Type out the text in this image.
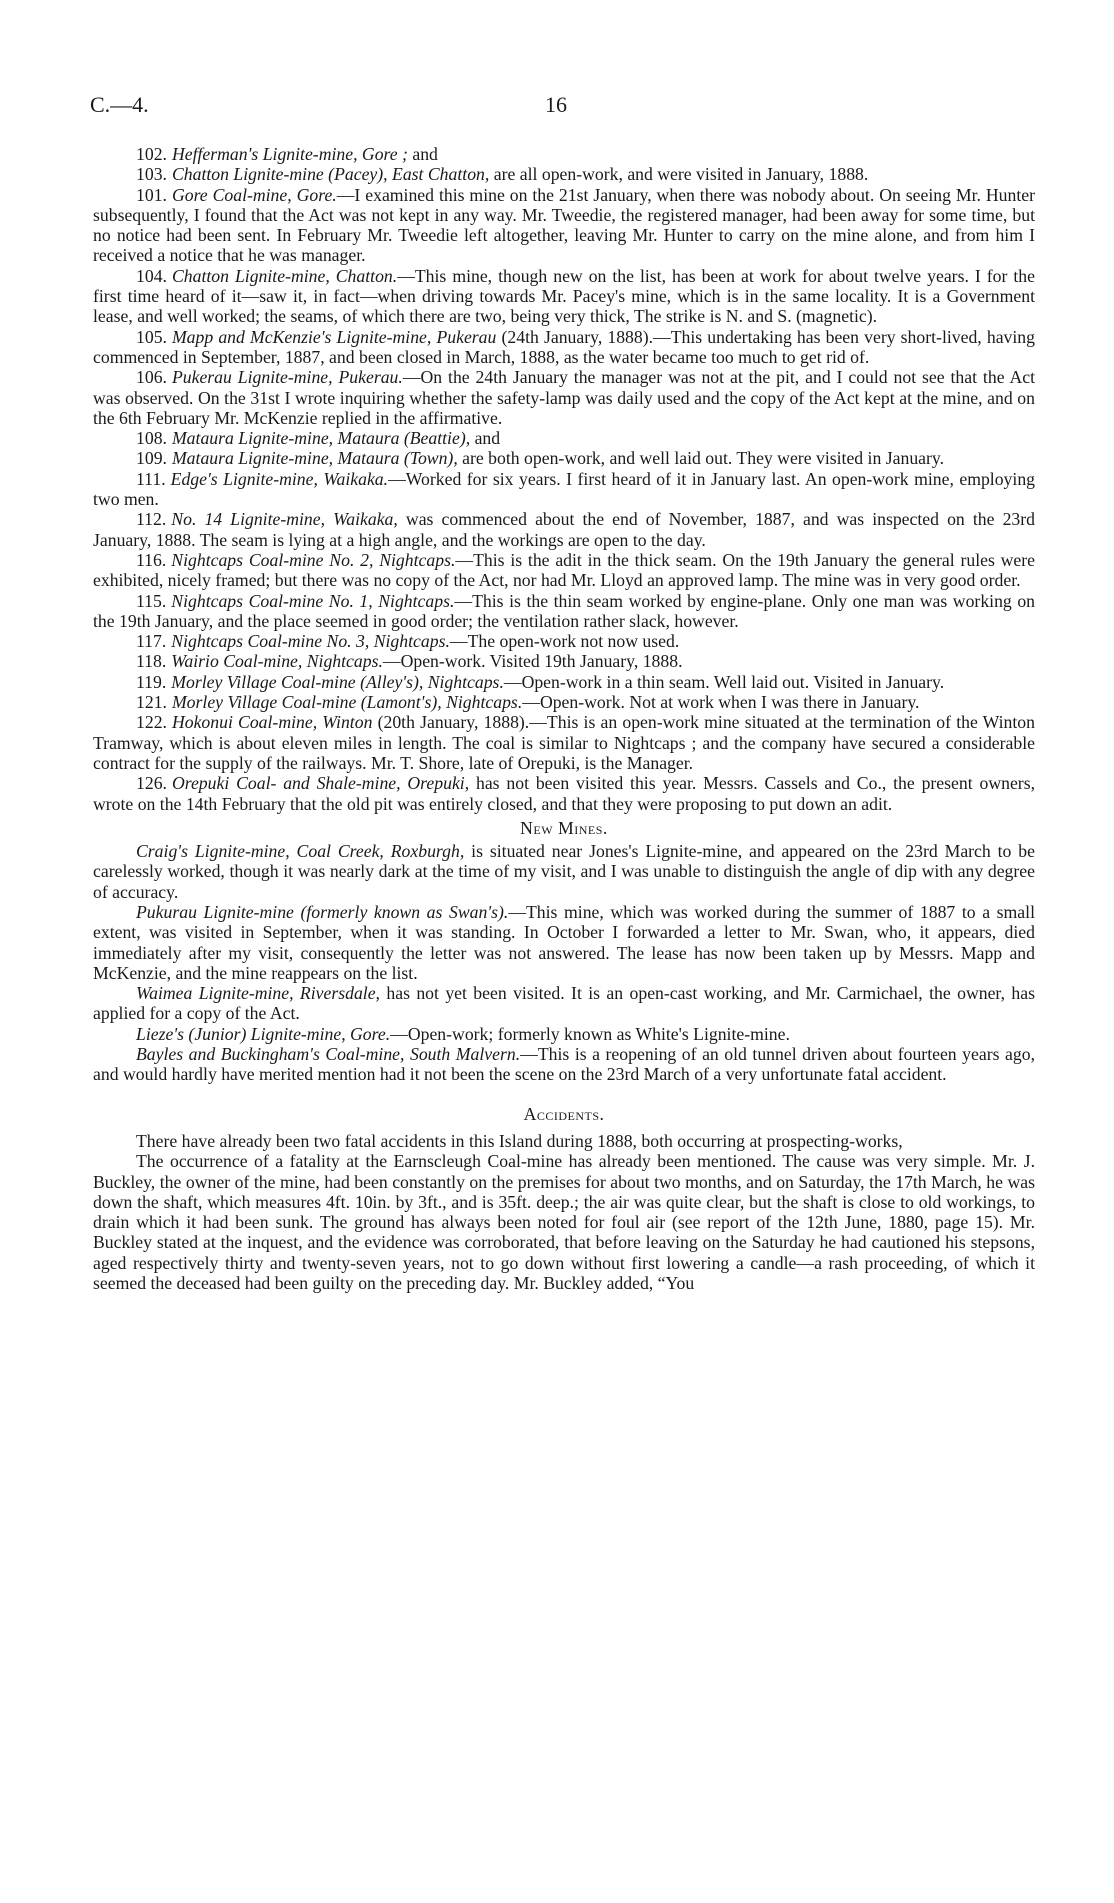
C.—4.	16

102. Hefferman's Lignite-mine, Gore ; and

103. Chatton Lignite-mine (Pacey), East Chatton, are all open-work, and were visited in January, 1888.

101. Gore Coal-mine, Gore.—I examined this mine on the 21st January, when there was nobody about. On seeing Mr. Hunter subsequently, I found that the Act was not kept in any way. Mr. Tweedie, the registered manager, had been away for some time, but no notice had been sent. In February Mr. Tweedie left altogether, leaving Mr. Hunter to carry on the mine alone, and from him I received a notice that he was manager.

104. Chatton Lignite-mine, Chatton.—This mine, though new on the list, has been at work for about twelve years. I for the first time heard of it—saw it, in fact—when driving towards Mr. Pacey's mine, which is in the same locality. It is a Government lease, and well worked; the seams, of which there are two, being very thick, The strike is N. and S. (magnetic).

105. Mapp and McKenzie's Lignite-mine, Pukerau (24th January, 1888).—This undertaking has been very short-lived, having commenced in September, 1887, and been closed in March, 1888, as the water became too much to get rid of.

106. Pukerau Lignite-mine, Pukerau.—On the 24th January the manager was not at the pit, and I could not see that the Act was observed. On the 31st I wrote inquiring whether the safety-lamp was daily used and the copy of the Act kept at the mine, and on the 6th February Mr. McKenzie replied in the affirmative.

108. Mataura Lignite-mine, Mataura (Beattie), and

109. Mataura Lignite-mine, Mataura (Town), are both open-work, and well laid out. They were visited in January.

111. Edge's Lignite-mine, Waikaka.—Worked for six years. I first heard of it in January last. An open-work mine, employing two men.

112. No. 14 Lignite-mine, Waikaka, was commenced about the end of November, 1887, and was inspected on the 23rd January, 1888. The seam is lying at a high angle, and the workings are open to the day.

116. Nightcaps Coal-mine No. 2, Nightcaps.—This is the adit in the thick seam. On the 19th January the general rules were exhibited, nicely framed; but there was no copy of the Act, nor had Mr. Lloyd an approved lamp. The mine was in very good order.

115. Nightcaps Coal-mine No. 1, Nightcaps.—This is the thin seam worked by engine-plane. Only one man was working on the 19th January, and the place seemed in good order; the ventilation rather slack, however.

117. Nightcaps Coal-mine No. 3, Nightcaps.—The open-work not now used.

118. Wairio Coal-mine, Nightcaps.—Open-work. Visited 19th January, 1888.

119. Morley Village Coal-mine (Alley's), Nightcaps.—Open-work in a thin seam. Well laid out. Visited in January.

121. Morley Village Coal-mine (Lamont's), Nightcaps.—Open-work. Not at work when I was there in January.

122. Hokonui Coal-mine, Winton (20th January, 1888).—This is an open-work mine situated at the termination of the Winton Tramway, which is about eleven miles in length. The coal is similar to Nightcaps ; and the company have secured a considerable contract for the supply of the railways. Mr. T. Shore, late of Orepuki, is the Manager.

126. Orepuki Coal- and Shale-mine, Orepuki, has not been visited this year. Messrs. Cassels and Co., the present owners, wrote on the 14th February that the old pit was entirely closed, and that they were proposing to put down an adit.

New Mines.

Craig's Lignite-mine, Coal Creek, Roxburgh, is situated near Jones's Lignite-mine, and appeared on the 23rd March to be carelessly worked, though it was nearly dark at the time of my visit, and I was unable to distinguish the angle of dip with any degree of accuracy.

Pukurau Lignite-mine (formerly known as Swan's).—This mine, which was worked during the summer of 1887 to a small extent, was visited in September, when it was standing. In October I forwarded a letter to Mr. Swan, who, it appears, died immediately after my visit, consequently the letter was not answered. The lease has now been taken up by Messrs. Mapp and McKenzie, and the mine reappears on the list.

Waimea Lignite-mine, Riversdale, has not yet been visited. It is an open-cast working, and Mr. Carmichael, the owner, has applied for a copy of the Act.

Lieze's (Junior) Lignite-mine, Gore.—Open-work; formerly known as White's Lignite-mine.

Bayles and Buckingham's Coal-mine, South Malvern.—This is a reopening of an old tunnel driven about fourteen years ago, and would hardly have merited mention had it not been the scene on the 23rd March of a very unfortunate fatal accident.

Accidents.

There have already been two fatal accidents in this Island during 1888, both occurring at prospecting-works,

The occurrence of a fatality at the Earnscleugh Coal-mine has already been mentioned. The cause was very simple. Mr. J. Buckley, the owner of the mine, had been constantly on the premises for about two months, and on Saturday, the 17th March, he was down the shaft, which measures 4ft. 10in. by 3ft., and is 35ft. deep.; the air was quite clear, but the shaft is close to old workings, to drain which it had been sunk. The ground has always been noted for foul air (see report of the 12th June, 1880, page 15). Mr. Buckley stated at the inquest, and the evidence was corroborated, that before leaving on the Saturday he had cautioned his stepsons, aged respectively thirty and twenty-seven years, not to go down without first lowering a candle—a rash proceeding, of which it seemed the deceased had been guilty on the preceding day. Mr. Buckley added, “You
